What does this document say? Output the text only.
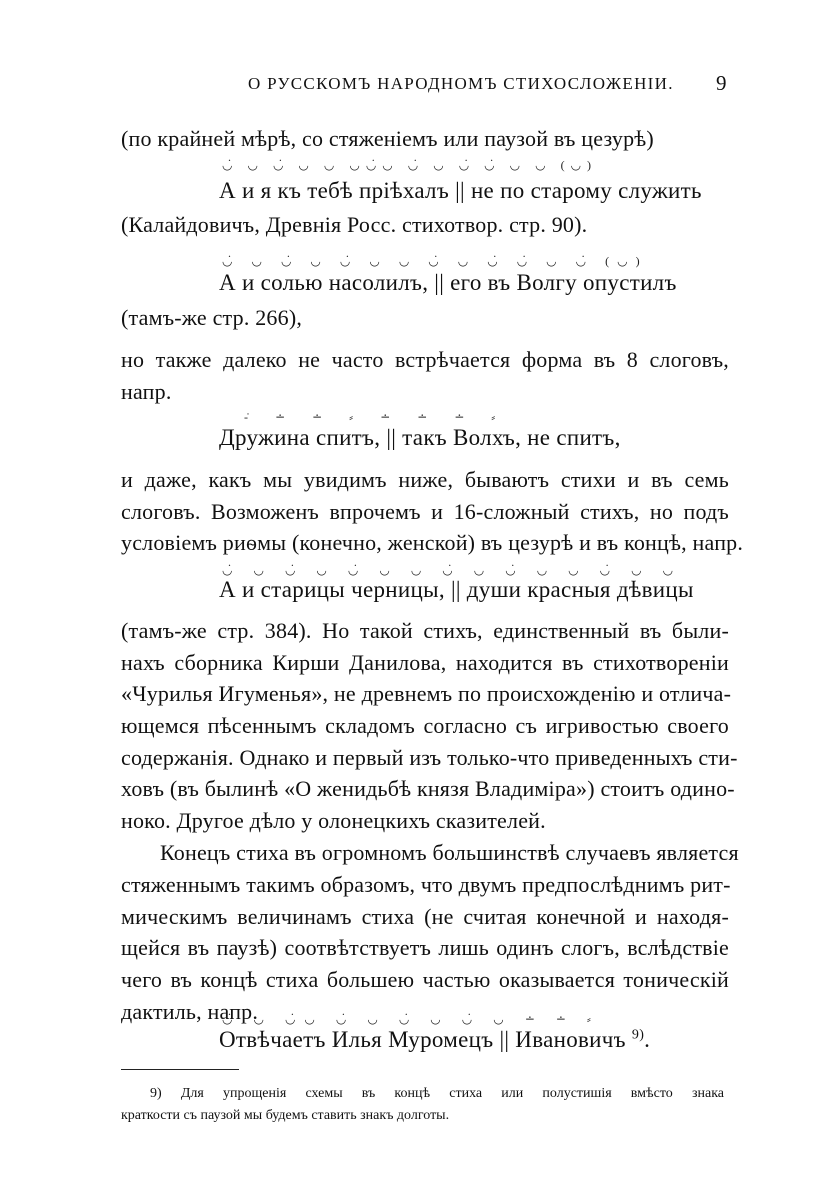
О РУССКОМЪ НАРОДНОМЪ СТИХОСЛОЖЕНІИ. 9
(по крайней мѣрѣ, со стяженіемъ или паузой въ цезурѣ)
◡̇ ◡ ◡̇ ◡ ◡ ◡◡̇◡ ◡̇ ◡ ◡̇ ◡̇ ◡ ◡ (◡)
А и я къ тебѣ пріѣхалъ || не по старому служить
(Калайдовичъ, Древнія Росс. стихотвор. стр. 90).
◡̇ ◡ ◡̇ ◡ ◡̇ ◡ ◡ ◡̇ ◡ ◡̇ ◡̇ ◡ ◡̇ (◡)
А и солью насолилъ, || его въ Волгу опустилъ
(тамъ-же стр. 266),
но также далеко не часто встрѣчается форма въ 8 слоговъ,
напр.
-̇ ∸ ∸ ⸗ ∸ ∸ ∸ ⸗
Дружина спитъ, || такъ Волхъ, не спитъ,
и даже, какъ мы увидимъ ниже, бываютъ стихи и въ семь
слоговъ. Возможенъ впрочемъ и 16-сложный стихъ, но подъ
условіемъ риѳмы (конечно, женской) въ цезурѣ и въ концѣ, напр.
◡̇ ◡ ◡̇ ◡ ◡̇ ◡ ◡ ◡̇ ◡ ◡̇ ◡ ◡ ◡̇ ◡ ◡
А и старицы черницы, || души красныя дѣвицы
(тамъ-же стр. 384). Но такой стихъ, единственный въ были-
нахъ сборника Кирши Данилова, находится въ стихотвореніи
«Чурилья Игуменья», не древнемъ по происхожденію и отлича-
ющемся пѣсеннымъ складомъ согласно съ игривостью своего
содержанія. Однако и первый изъ только-что приведенныхъ сти-
ховъ (въ былинѣ «О женидьбѣ князя Владиміра») стоитъ одино-
ноко. Другое дѣло у олонецкихъ сказителей.
Конецъ стиха въ огромномъ большинствѣ случаевъ является
стяженнымъ такимъ образомъ, что двумъ предпослѣднимъ рит-
мическимъ величинамъ стиха (не считая конечной и находя-
щейся въ паузѣ) соотвѣтствуетъ лишь одинъ слогъ, вслѣдствіе
чего въ концѣ стиха большею частью оказывается тоническій
дактиль, напр.
◡̇ ◡ ◡̇◡ ◡̇ ◡ ◡̇ ◡ ◡̇ ◡ ∸ ∸ ⸗
Отвѣчаетъ Илья Муромецъ || Ивановичъ $^{9)}$.
9) Для упрощенія схемы въ концѣ стиха или полустишія вмѣсто знака
краткости съ паузой мы будемъ ставить знакъ долготы.
